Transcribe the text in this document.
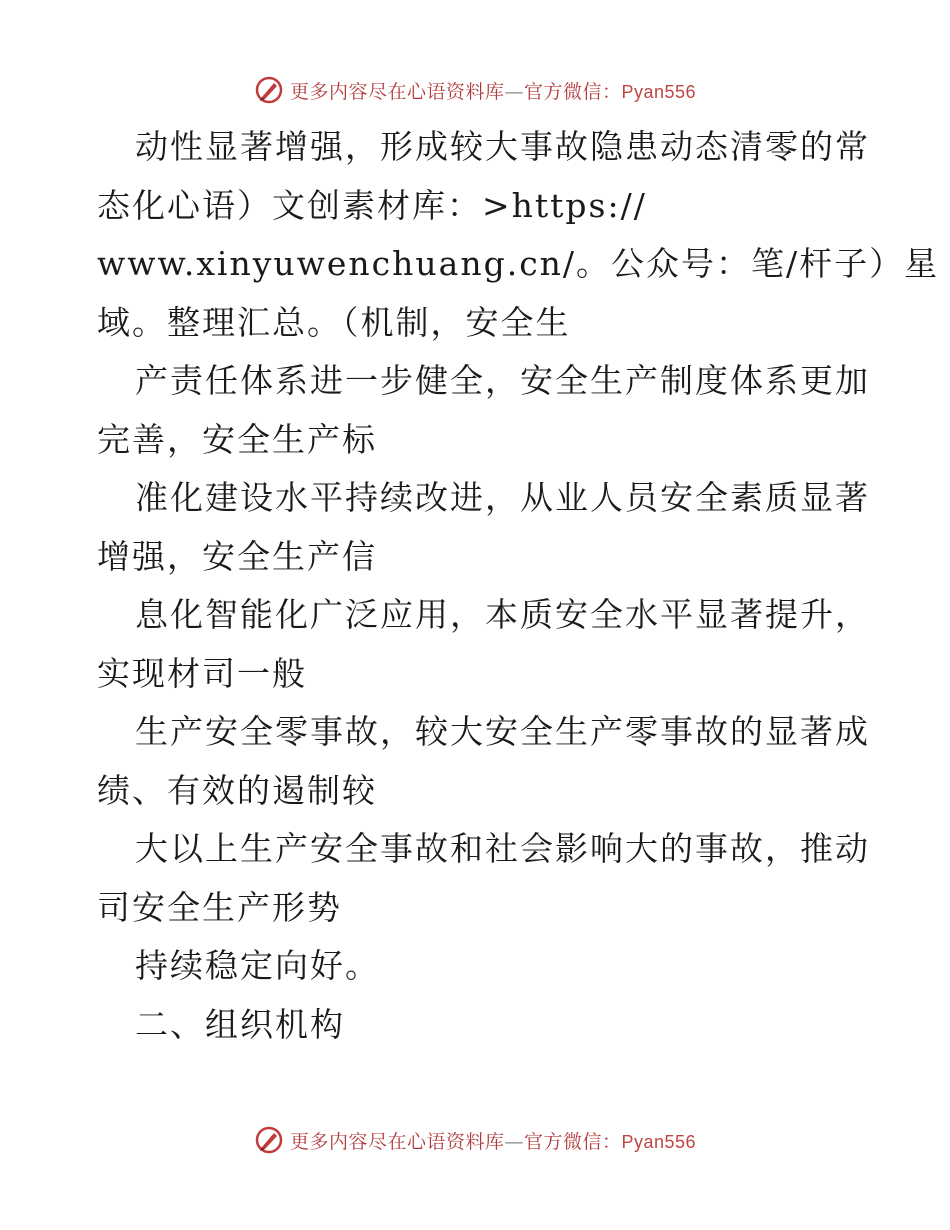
更多内容尽在心语资料库—官方微信：Pyan556
动性显著增强，形成较大事故隐患动态清零的常
态化心语）文创素材库：>https://
www.xinyuwenchuang.cn/。公众号：笔/杆子）星
域。整理汇总。（机制，安全生
产责任体系进一步健全，安全生产制度体系更加
完善，安全生产标
准化建设水平持续改进，从业人员安全素质显著
增强，安全生产信
息化智能化广泛应用，本质安全水平显著提升，
实现材司一般
生产安全零事故，较大安全生产零事故的显著成
绩、有效的遏制较
大以上生产安全事故和社会影响大的事故，推动
司安全生产形势
持续稳定向好。
二、组织机构
更多内容尽在心语资料库—官方微信：Pyan556
